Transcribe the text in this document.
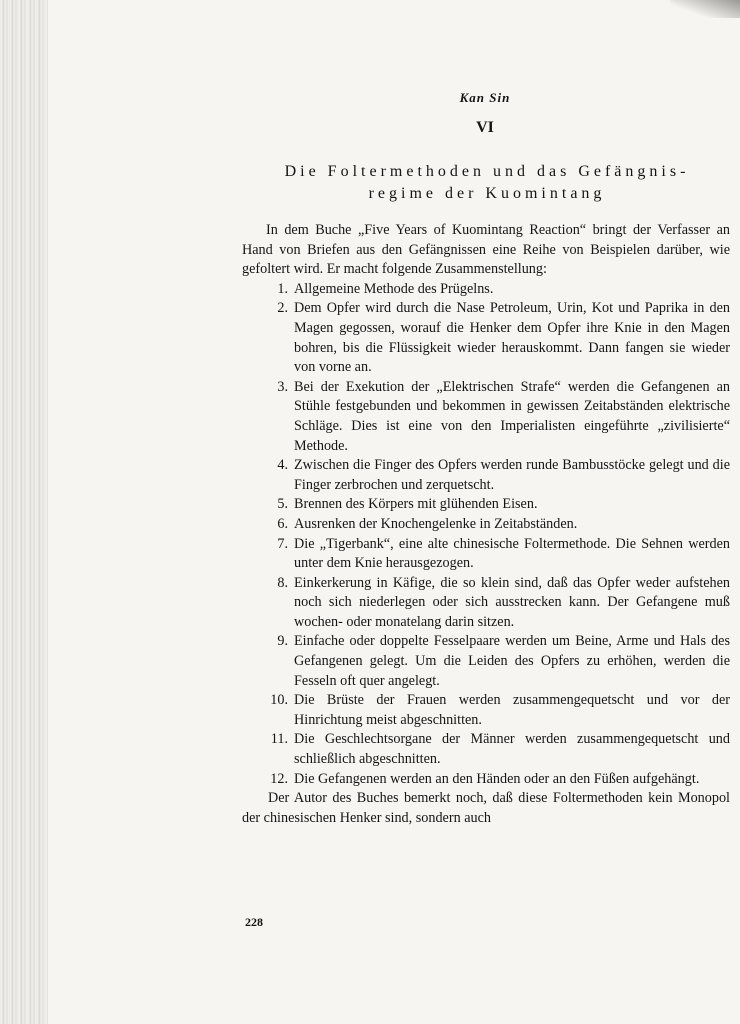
Kan Sin
VI
Die Foltermethoden und das Gefängnis-
regime der Kuomintang

In dem Buche „Five Years of Kuomintang Reaction“ bringt der Verfasser an Hand von Briefen aus den Gefängnissen eine Reihe von Beispielen darüber, wie gefoltert wird. Er macht folgende Zusammenstellung:

1. Allgemeine Methode des Prügelns.
2. Dem Opfer wird durch die Nase Petroleum, Urin, Kot und Paprika in den Magen gegossen, worauf die Henker dem Opfer ihre Knie in den Magen bohren, bis die Flüssigkeit wieder herauskommt. Dann fangen sie wieder von vorne an.
3. Bei der Exekution der „Elektrischen Strafe“ werden die Gefangenen an Stühle festgebunden und bekommen in gewissen Zeitabständen elektrische Schläge. Dies ist eine von den Imperialisten eingeführte „zivilisierte“ Methode.
4. Zwischen die Finger des Opfers werden runde Bambusstöcke gelegt und die Finger zerbrochen und zerquetscht.
5. Brennen des Körpers mit glühenden Eisen.
6. Ausrenken der Knochengelenke in Zeitabständen.
7. Die „Tigerbank“, eine alte chinesische Foltermethode. Die Sehnen werden unter dem Knie herausgezogen.
8. Einkerkerung in Käfige, die so klein sind, daß das Opfer weder aufstehen noch sich niederlegen oder sich ausstrecken kann. Der Gefangene muß wochen- oder monatelang darin sitzen.
9. Einfache oder doppelte Fesselpaare werden um Beine, Arme und Hals des Gefangenen gelegt. Um die Leiden des Opfers zu erhöhen, werden die Fesseln oft quer angelegt.
10. Die Brüste der Frauen werden zusammengequetscht und vor der Hinrichtung meist abgeschnitten.
11. Die Geschlechtsorgane der Männer werden zusammengequetscht und schließlich abgeschnitten.
12. Die Gefangenen werden an den Händen oder an den Füßen aufgehängt.

Der Autor des Buches bemerkt noch, daß diese Foltermethoden kein Monopol der chinesischen Henker sind, sondern auch

228
